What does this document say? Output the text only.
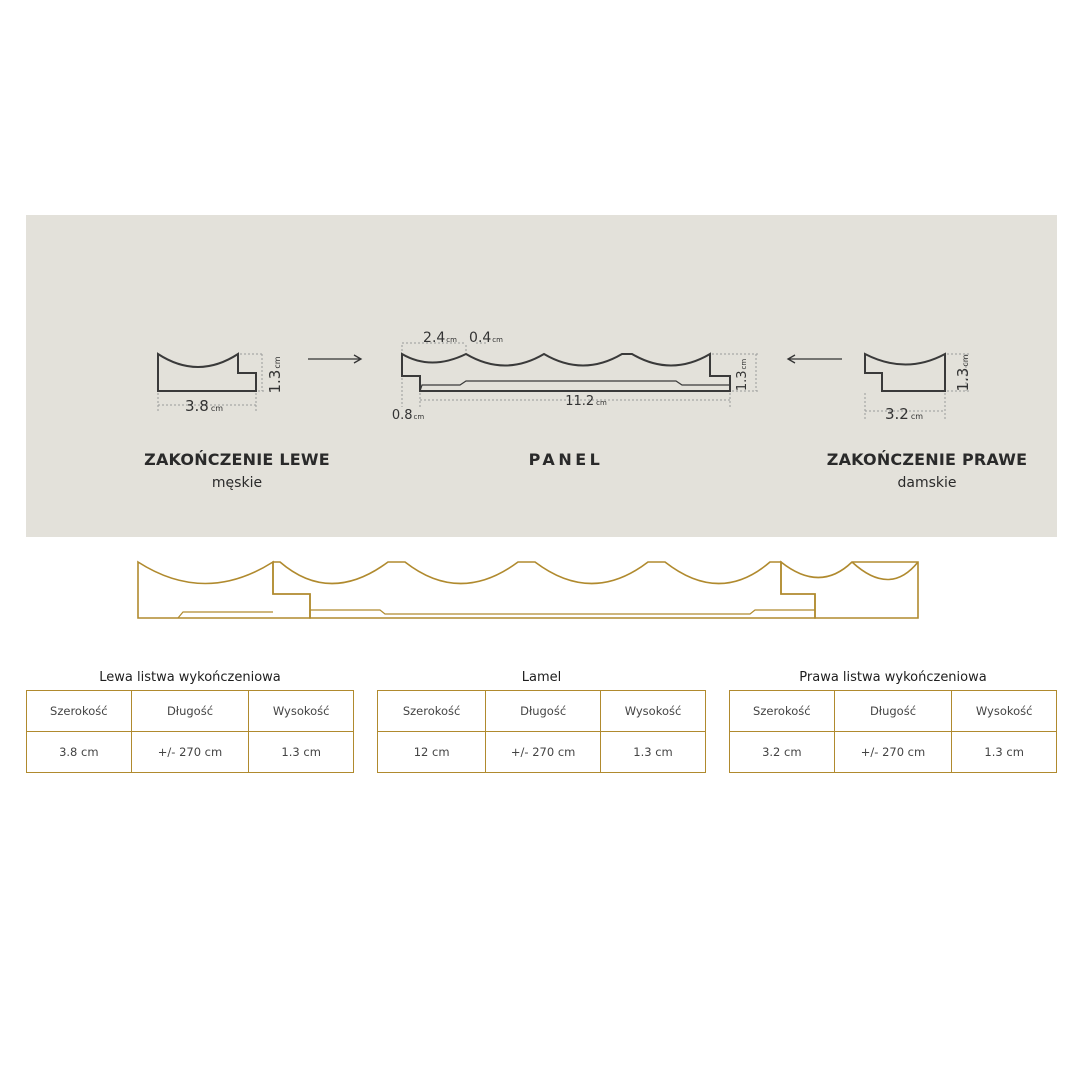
3.8 cm
1.3cm
2.4cm 0.4cm
11.2 cm
0.8cm
1.3cm
3.2 cm
1.3cm
ZAKOŃCZENIE LEWE
męskie
PANEL	ZAKOŃCZENIE PRAWE
damskie
Lewa listwa wykończeniowa
Szerokość	Długość	Wysokość
3.8 cm	+/- 270 cm	1.3 cm
Lamel
Szerokość	Długość	Wysokość
12 cm	+/- 270 cm	1.3 cm
Prawa listwa wykończeniowa
Szerokość	Długość	Wysokość
3.2 cm	+/- 270 cm	1.3 cm
